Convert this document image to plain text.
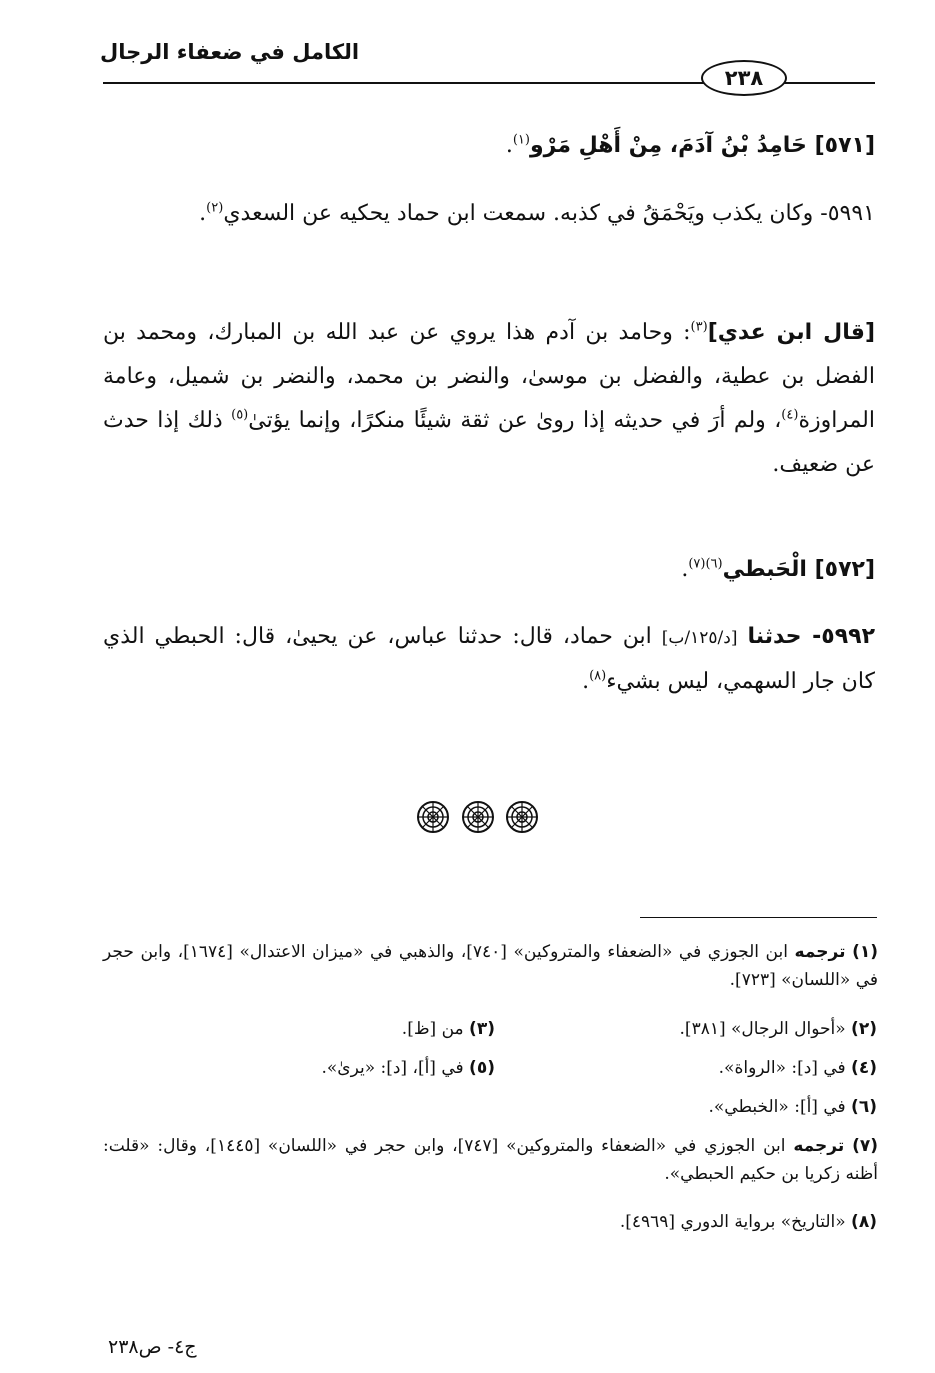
الكامل في ضعفاء الرجال
٢٣٨
[٥٧١] حَامِدُ بْنُ آدَمَ، مِنْ أَهْلِ مَرْو$^{(١)}$.
٥٩٩١- وكان يكذب ويَحْمَقُ في كذبه. سمعت ابن حماد يحكيه عن السعدي$^{(٢)}$.
[قال ابن عدي]$^{(٣)}$: وحامد بن آدم هذا يروي عن عبد الله بن المبارك، ومحمد بن الفضل بن عطية، والفضل بن موسىٰ، والنضر بن محمد، والنضر بن شميل، وعامة المراوزة$^{(٤)}$، ولم أرَ في حديثه إذا روىٰ عن ثقة شيئًا منكرًا، وإنما يؤتىٰ$^{(٥)}$ ذلك إذا حدث عن ضعيف.
[٥٧٢] الْحَبطي$^{(٦)(٧)}$.
٥٩٩٢- حدثنا [د/١٢٥/ب] ابن حماد، قال: حدثنا عباس، عن يحيىٰ، قال: الحبطي الذي كان جار السهمي، ليس بشيء$^{(٨)}$.
(١) ترجمه ابن الجوزي في «الضعفاء والمتروكين» [٧٤٠]، والذهبي في «ميزان الاعتدال» [١٦٧٤]، وابن حجر في «اللسان» [٧٢٣].
(٢) «أحوال الرجال» [٣٨١].
(٣) من [ظ].
(٤) في [د]: «الرواة».
(٥) في [أ]، [د]: «يرىٰ».
(٦) في [أ]: «الخبطي».
(٧) ترجمه ابن الجوزي في «الضعفاء والمتروكين» [٧٤٧]، وابن حجر في «اللسان» [١٤٤٥]، وقال: «قلت: أظنه زكريا بن حكيم الحبطي».
(٨) «التاريخ» برواية الدوري [٤٩٦٩].
ج٤- ص٢٣٨
